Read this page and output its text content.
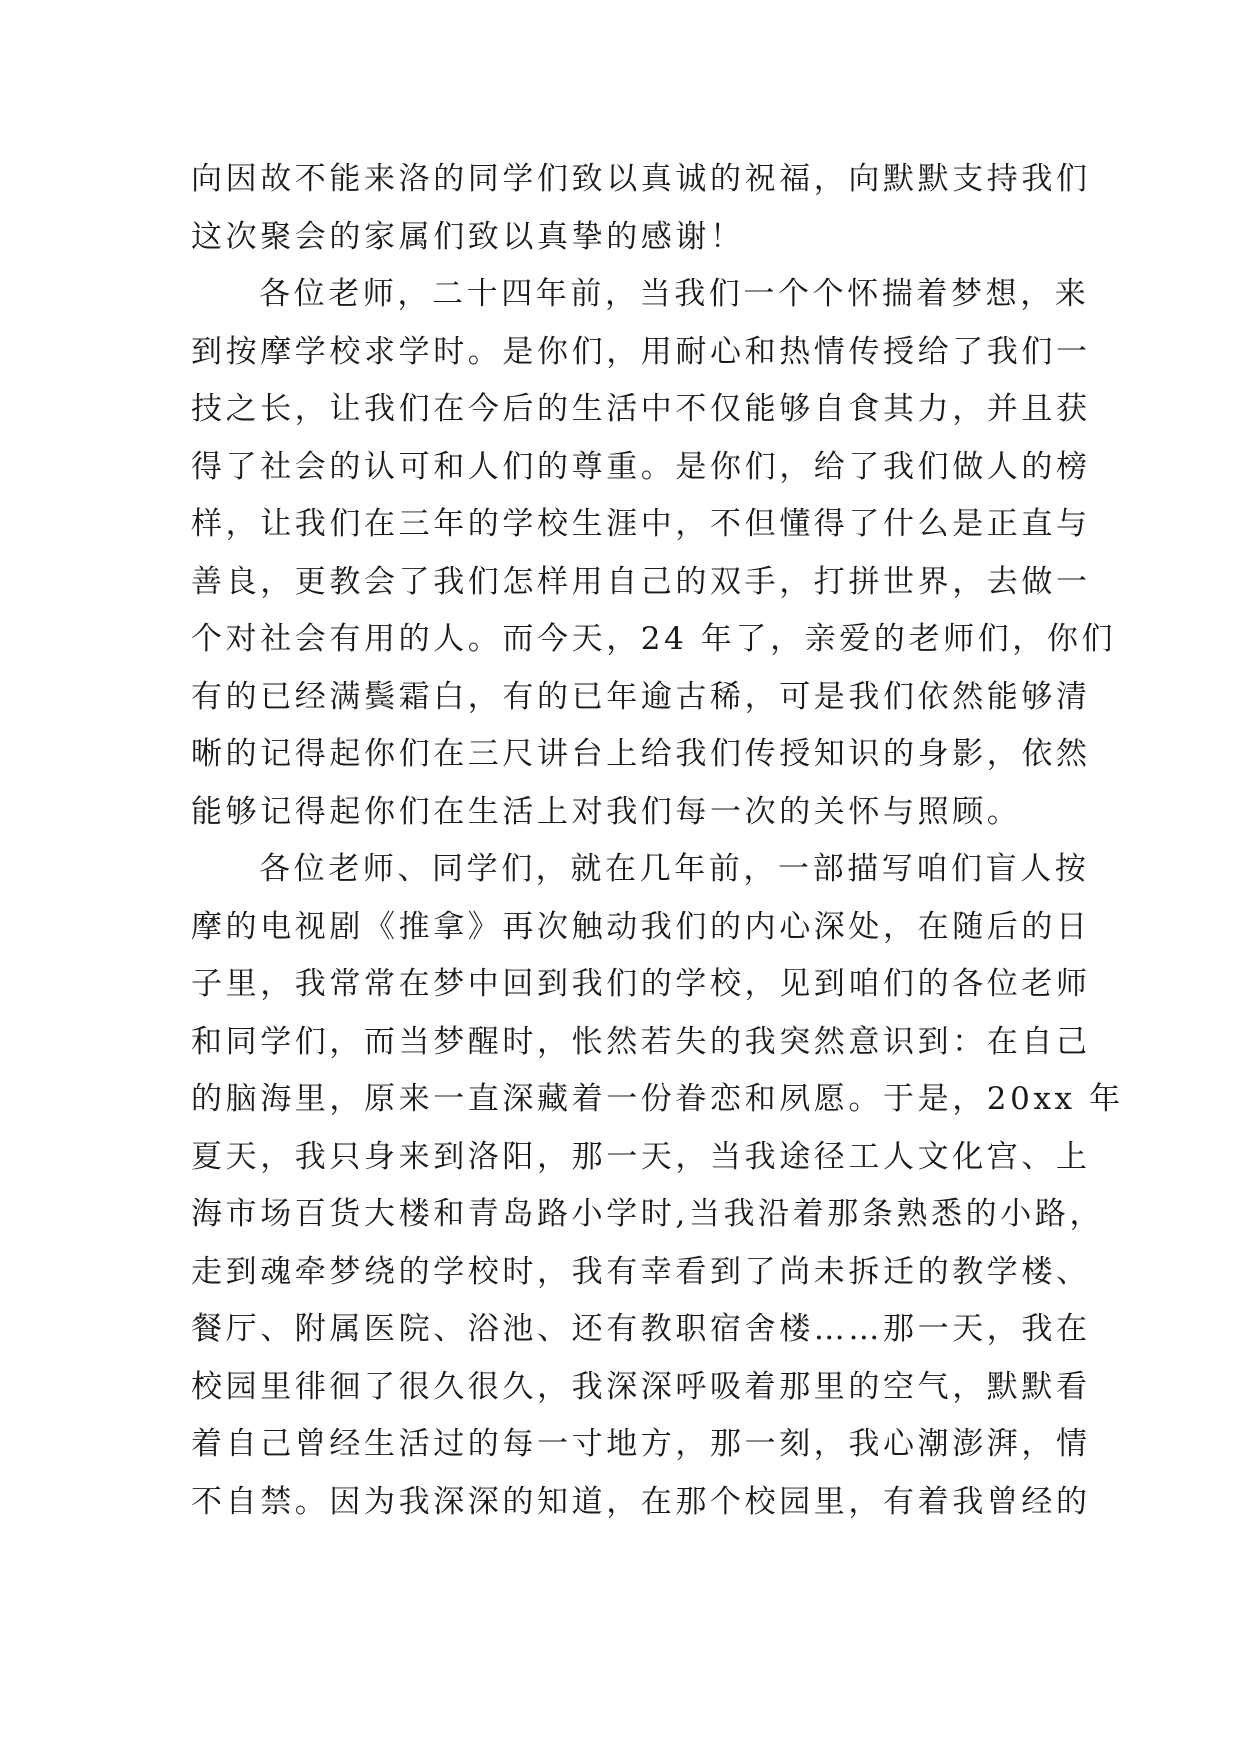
向因故不能来洛的同学们致以真诚的祝福，向默默支持我们
这次聚会的家属们致以真挚的感谢！
各位老师，二十四年前，当我们一个个怀揣着梦想，来
到按摩学校求学时。是你们，用耐心和热情传授给了我们一
技之长，让我们在今后的生活中不仅能够自食其力，并且获
得了社会的认可和人们的尊重。是你们，给了我们做人的榜
样，让我们在三年的学校生涯中，不但懂得了什么是正直与
善良，更教会了我们怎样用自己的双手，打拼世界，去做一
个对社会有用的人。而今天，24 年了，亲爱的老师们，你们
有的已经满鬓霜白，有的已年逾古稀，可是我们依然能够清
晰的记得起你们在三尺讲台上给我们传授知识的身影，依然
能够记得起你们在生活上对我们每一次的关怀与照顾。
各位老师、同学们，就在几年前，一部描写咱们盲人按
摩的电视剧《推拿》再次触动我们的内心深处，在随后的日
子里，我常常在梦中回到我们的学校，见到咱们的各位老师
和同学们，而当梦醒时，怅然若失的我突然意识到：在自己
的脑海里，原来一直深藏着一份眷恋和夙愿。于是，20xx 年
夏天，我只身来到洛阳，那一天，当我途径工人文化宫、上
海市场百货大楼和青岛路小学时,当我沿着那条熟悉的小路，
走到魂牵梦绕的学校时，我有幸看到了尚未拆迁的教学楼、
餐厅、附属医院、浴池、还有教职宿舍楼……那一天，我在
校园里徘徊了很久很久，我深深呼吸着那里的空气，默默看
着自己曾经生活过的每一寸地方，那一刻，我心潮澎湃，情
不自禁。因为我深深的知道，在那个校园里，有着我曾经的
